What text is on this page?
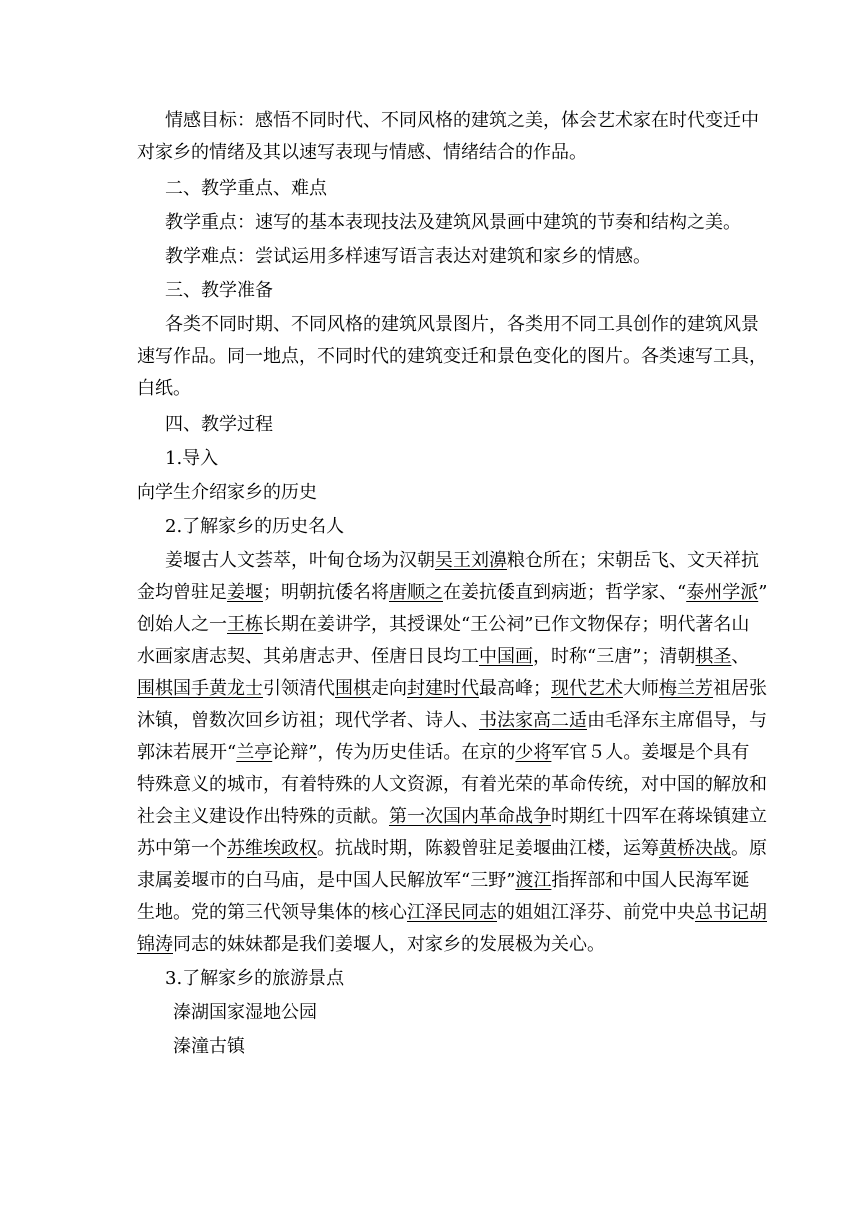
情感目标：感悟不同时代、不同风格的建筑之美，体会艺术家在时代变迁中
对家乡的情绪及其以速写表现与情感、情绪结合的作品。
二、教学重点、难点
教学重点：速写的基本表现技法及建筑风景画中建筑的节奏和结构之美。
教学难点：尝试运用多样速写语言表达对建筑和家乡的情感。
三、教学准备
各类不同时期、不同风格的建筑风景图片，各类用不同工具创作的建筑风景
速写作品。同一地点，不同时代的建筑变迁和景色变化的图片。各类速写工具，
白纸。
四、教学过程
1.导入
向学生介绍家乡的历史
2.了解家乡的历史名人
姜堰古人文荟萃，叶甸仓场为汉朝吴王刘濞粮仓所在；宋朝岳飞、文天祥抗
金均曾驻足姜堰；明朝抗倭名将唐顺之在姜抗倭直到病逝；哲学家、“泰州学派”
创始人之一王栋长期在姜讲学，其授课处“王公祠”已作文物保存；明代著名山
水画家唐志契、其弟唐志尹、侄唐日艮均工中国画，时称“三唐”；清朝棋圣、
围棋国手黄龙士引领清代围棋走向封建时代最高峰；现代艺术大师梅兰芳祖居张
沐镇，曾数次回乡访祖；现代学者、诗人、书法家高二适由毛泽东主席倡导，与
郭沫若展开“兰亭论辩”，传为历史佳话。在京的少将军官５人。姜堰是个具有
特殊意义的城市，有着特殊的人文资源，有着光荣的革命传统，对中国的解放和
社会主义建设作出特殊的贡献。第一次国内革命战争时期红十四军在蒋垛镇建立
苏中第一个苏维埃政权。抗战时期，陈毅曾驻足姜堰曲江楼，运筹黄桥决战。原
隶属姜堰市的白马庙，是中国人民解放军“三野”渡江指挥部和中国人民海军诞
生地。党的第三代领导集体的核心江泽民同志的姐姐江泽芬、前党中央总书记胡
锦涛同志的妹妹都是我们姜堰人，对家乡的发展极为关心。
3.了解家乡的旅游景点
溱湖国家湿地公园
溱潼古镇
